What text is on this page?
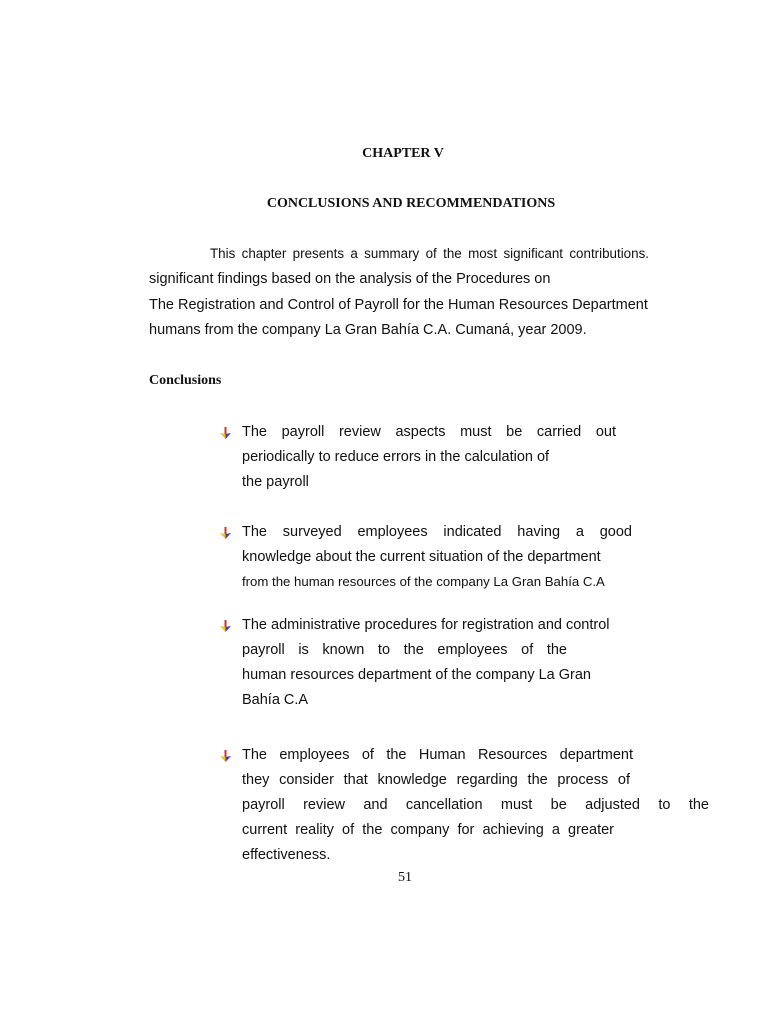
CHAPTER V
CONCLUSIONS AND RECOMMENDATIONS
This chapter presents a summary of the most significant contributions.
significant findings based on the analysis of the Procedures on
The Registration and Control of Payroll for the Human Resources Department
humans from the company La Gran Bahía C.A. Cumaná, year 2009.
Conclusions
The payroll review aspects must be carried out
periodically to reduce errors in the calculation of
the payroll
The surveyed employees indicated having a good
knowledge about the current situation of the department
from the human resources of the company La Gran Bahía C.A
The administrative procedures for registration and control
payroll is known to the employees of the
human resources department of the company La Gran
Bahía C.A
The employees of the Human Resources department
they consider that knowledge regarding the process of
payroll review and cancellation must be adjusted to the
current reality of the company for achieving a greater
effectiveness.
51
